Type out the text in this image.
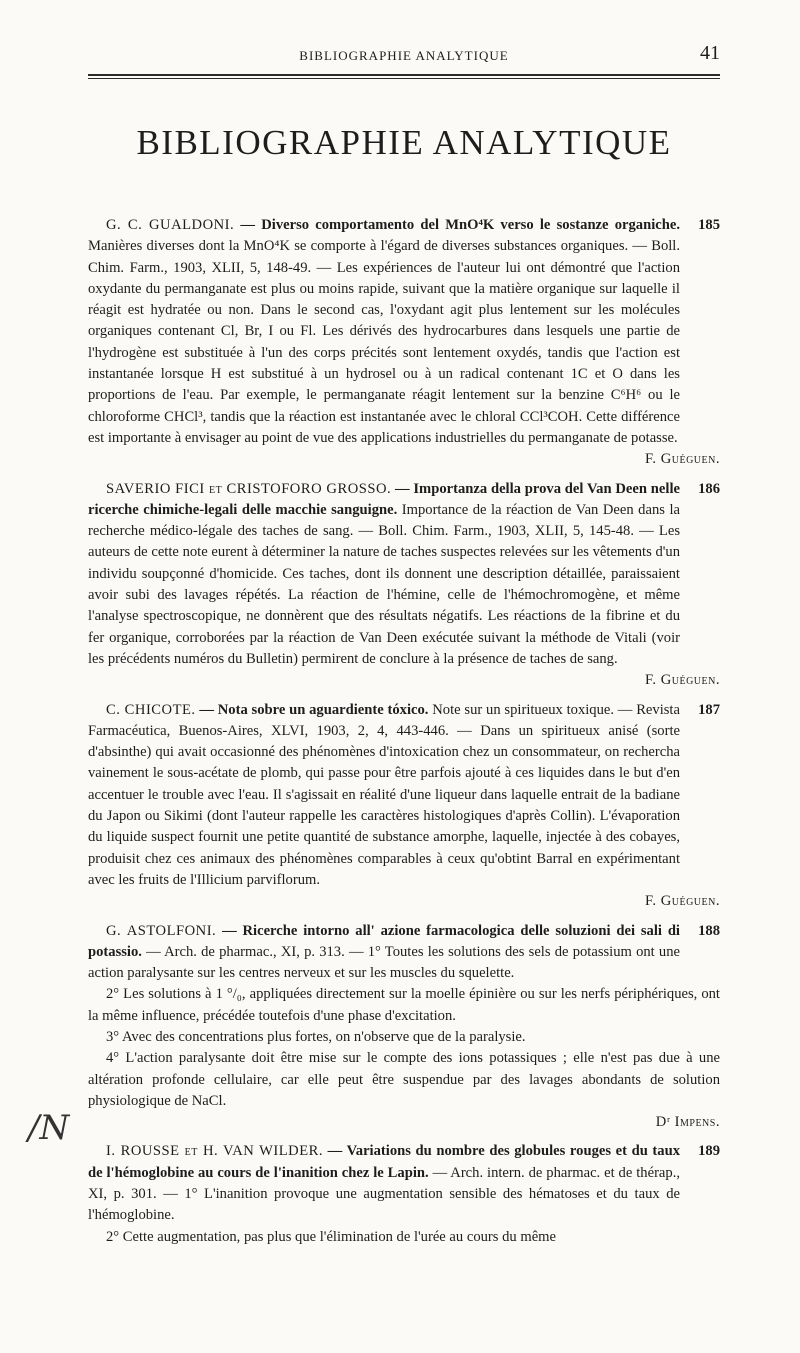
BIBLIOGRAPHIE ANALYTIQUE	41
BIBLIOGRAPHIE ANALYTIQUE
185

G. C. GUALDONI. — Diverso comportamento del MnO⁴K verso le sostanze organiche. Manières diverses dont la MnO⁴K se comporte à l'égard de diverses substances organiques. — Boll. Chim. Farm., 1903, XLII, 5, 148-49. — Les expériences de l'auteur lui ont démontré que l'action oxydante du permanganate est plus ou moins rapide, suivant que la matière organique sur laquelle il réagit est hydratée ou non. Dans le second cas, l'oxydant agit plus lentement sur les molécules organiques contenant Cl, Br, I ou Fl. Les dérivés des hydrocarbures dans lesquels une partie de l'hydrogène est substituée à l'un des corps précités sont lentement oxydés, tandis que l'action est instantanée lorsque H est substitué à un hydrosel ou à un radical contenant 1C et O dans les proportions de l'eau. Par exemple, le permanganate réagit lentement sur la benzine C⁶H⁶ ou le chloroforme CHCl³, tandis que la réaction est instantanée avec le chloral CCl³COH. Cette différence est importante à envisager au point de vue des applications industrielles du permanganate de potasse.

F. Guéguen.

186

SAVERIO FICI et CRISTOFORO GROSSO. — Importanza della prova del Van Deen nelle ricerche chimiche-legali delle macchie sanguigne. Importance de la réaction de Van Deen dans la recherche médico-légale des taches de sang. — Boll. Chim. Farm., 1903, XLII, 5, 145-48. — Les auteurs de cette note eurent à déterminer la nature de taches suspectes relevées sur les vêtements d'un individu soupçonné d'homicide. Ces taches, dont ils donnent une description détaillée, paraissaient avoir subi des lavages répétés. La réaction de l'hémine, celle de l'hémochromogène, et même l'analyse spectroscopique, ne donnèrent que des résultats négatifs. Les réactions de la fibrine et du fer organique, corroborées par la réaction de Van Deen exécutée suivant la méthode de Vitali (voir les précédents numéros du Bulletin) permirent de conclure à la présence de taches de sang.

F. Guéguen.

187

C. CHICOTE. — Nota sobre un aguardiente tóxico. Note sur un spiritueux toxique. — Revista Farmacéutica, Buenos-Aires, XLVI, 1903, 2, 4, 443-446. — Dans un spiritueux anisé (sorte d'absinthe) qui avait occasionné des phénomènes d'intoxication chez un consommateur, on rechercha vainement le sous-acétate de plomb, qui passe pour être parfois ajouté à ces liquides dans le but d'en accentuer le trouble avec l'eau. Il s'agissait en réalité d'une liqueur dans laquelle entrait de la badiane du Japon ou Sikimi (dont l'auteur rappelle les caractères histologiques d'après Collin). L'évaporation du liquide suspect fournit une petite quantité de substance amorphe, laquelle, injectée à des cobayes, produisit chez ces animaux des phénomènes comparables à ceux qu'obtint Barral en expérimentant avec les fruits de l'Illicium parviflorum.

F. Guéguen.

188

G. ASTOLFONI. — Ricerche intorno all' azione farmacologica delle soluzioni dei sali di potassio. — Arch. de pharmac., XI, p. 313. — 1° Toutes les solutions des sels de potassium ont une action paralysante sur les centres nerveux et sur les muscles du squelette.

2° Les solutions à 1 °/₀, appliquées directement sur la moelle épinière ou sur les nerfs périphériques, ont la même influence, précédée toutefois d'une phase d'excitation.

3° Avec des concentrations plus fortes, on n'observe que de la paralysie.

4° L'action paralysante doit être mise sur le compte des ions potassiques ; elle n'est pas due à une altération profonde cellulaire, car elle peut être suspendue par des lavages abondants de solution physiologique de NaCl.

Dʳ Impens.

189

I. ROUSSE et H. VAN WILDER. — Variations du nombre des globules rouges et du taux de l'hémoglobine au cours de l'inanition chez le Lapin. — Arch. intern. de pharmac. et de thérap., XI, p. 301. — 1° L'inanition provoque une augmentation sensible des hématoses et du taux de l'hémoglobine.

2° Cette augmentation, pas plus que l'élimination de l'urée au cours du même

/N
